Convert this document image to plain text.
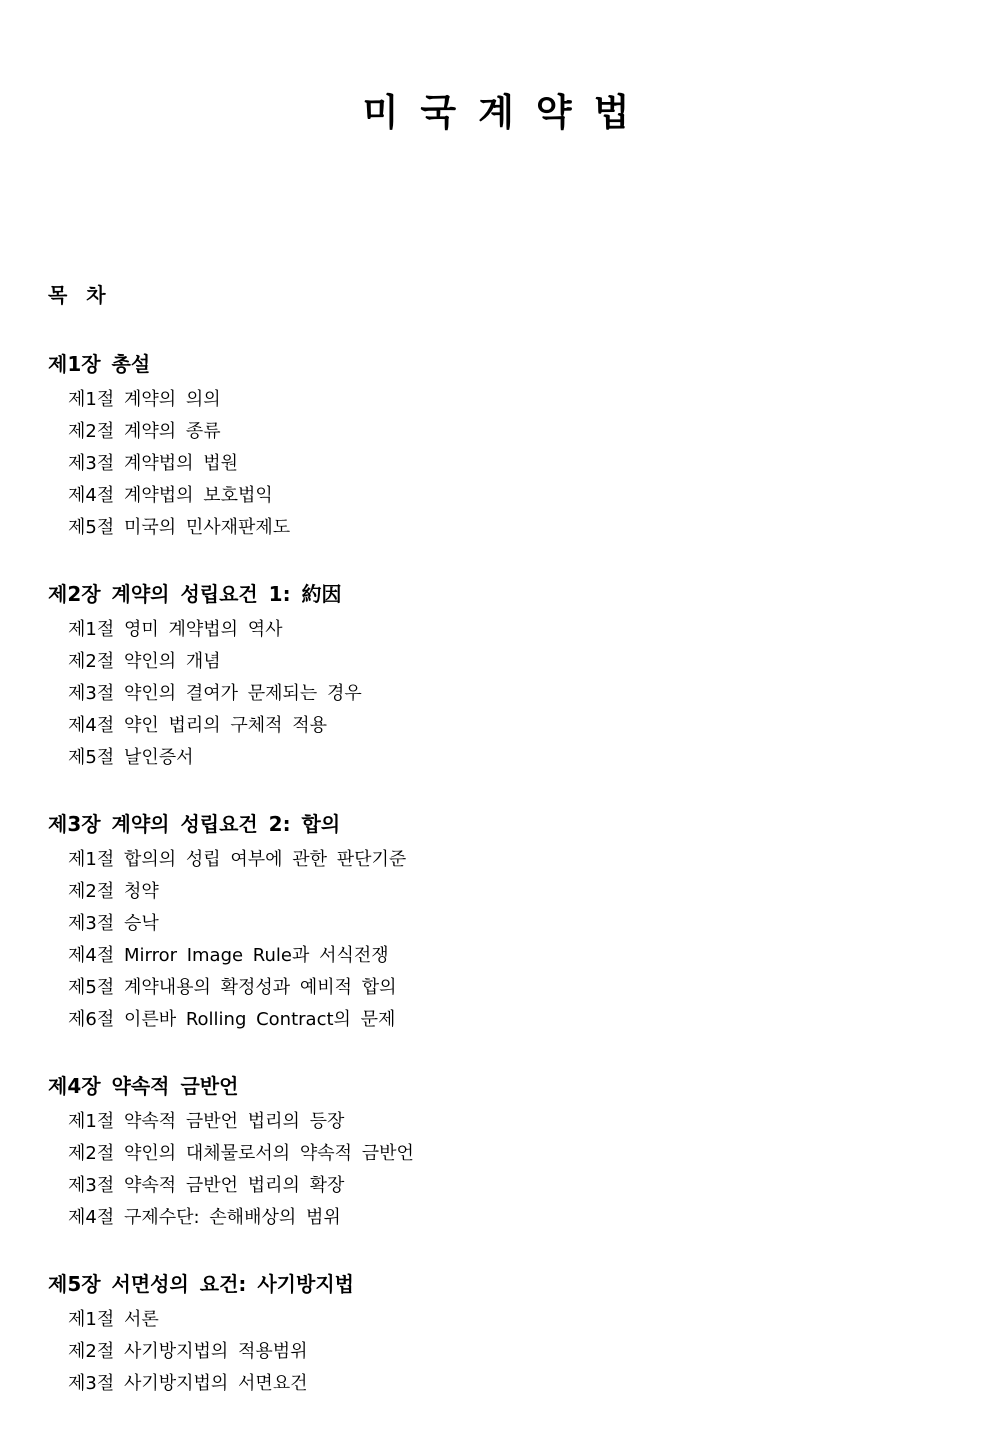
미국계약법
목 차
제1장 총설
제1절 계약의 의의
제2절 계약의 종류
제3절 계약법의 법원
제4절 계약법의 보호법익
제5절 미국의 민사재판제도
제2장 계약의 성립요건 1: 約因
제1절 영미 계약법의 역사
제2절 약인의 개념
제3절 약인의 결여가 문제되는 경우
제4절 약인 법리의 구체적 적용
제5절 날인증서
제3장 계약의 성립요건 2: 합의
제1절 합의의 성립 여부에 관한 판단기준
제2절 청약
제3절 승낙
제4절 Mirror Image Rule과 서식전쟁
제5절 계약내용의 확정성과 예비적 합의
제6절 이른바 Rolling Contract의 문제
제4장 약속적 금반언
제1절 약속적 금반언 법리의 등장
제2절 약인의 대체물로서의 약속적 금반언
제3절 약속적 금반언 법리의 확장
제4절 구제수단: 손해배상의 범위
제5장 서면성의 요건: 사기방지법
제1절 서론
제2절 사기방지법의 적용범위
제3절 사기방지법의 서면요건
